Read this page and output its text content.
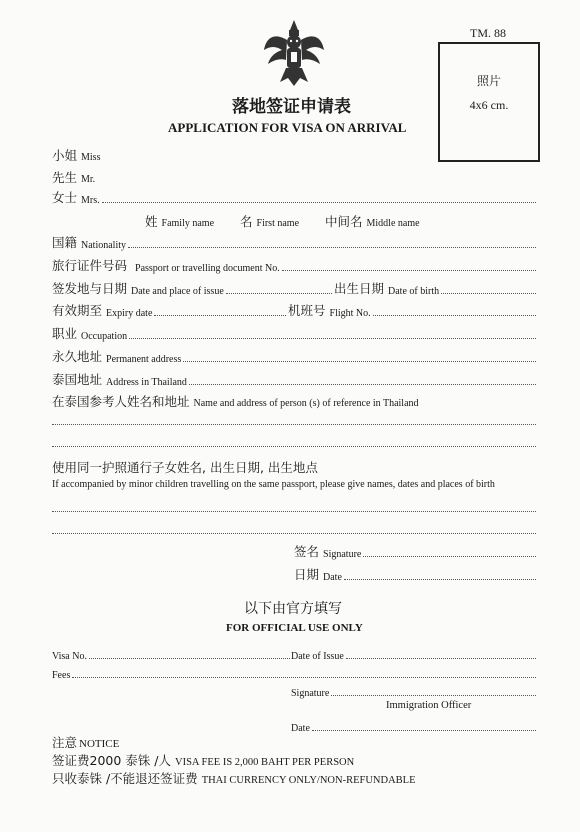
TM. 88
照片
4x6 cm.
落地签证申请表
APPLICATION FOR VISA ON ARRIVAL
小姐 Miss
先生 Mr.
女士 Mrs.
姓 Family name 名 First name 中间名 Middle name
国籍 Nationality
旅行证件号码 Passport or travelling document No.
签发地与日期 Date and place of issue	出生日期 Date of birth
有效期至 Expiry date	机班号 Flight No.
职业 Occupation
永久地址 Permanent address
泰国地址 Address in Thailand
在泰国参考人姓名和地址 Name and address of person (s) of reference in Thailand
使用同一护照通行子女姓名, 出生日期, 出生地点
If accompanied by minor children travelling on the same passport, please give names, dates and places of birth
签名 Signature
日期 Date
以下由官方填写
FOR OFFICIAL USE ONLY
Visa No.	Date of Issue
Fees
Signature
Immigration Officer
Date
注意 NOTICE
签证费2000 泰铢 /人 VISA FEE IS 2,000 BAHT PER PERSON
只收泰铢 /不能退还签证费 THAI CURRENCY ONLY/NON-REFUNDABLE
